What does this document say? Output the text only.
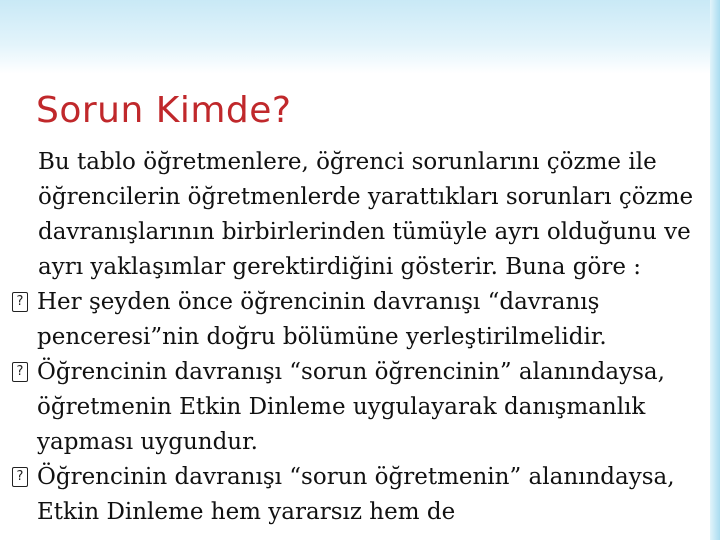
Sorun Kimde?

Bu tablo öğretmenlere, öğrenci sorunlarını çözme ile öğrencilerin öğretmenlerde yarattıkları sorunları çözme davranışlarının birbirlerinden tümüyle ayrı olduğunu ve ayrı yaklaşımlar gerektirdiğini gösterir. Buna göre :

? Her şeyden önce öğrencinin davranışı “davranış penceresi”nin doğru bölümüne yerleştirilmelidir.

? Öğrencinin davranışı “sorun öğrencinin” alanındaysa, öğretmenin Etkin Dinleme uygulayarak danışmanlık yapması uygundur.

? Öğrencinin davranışı “sorun öğretmenin” alanındaysa, Etkin Dinleme hem yararsız hem de
